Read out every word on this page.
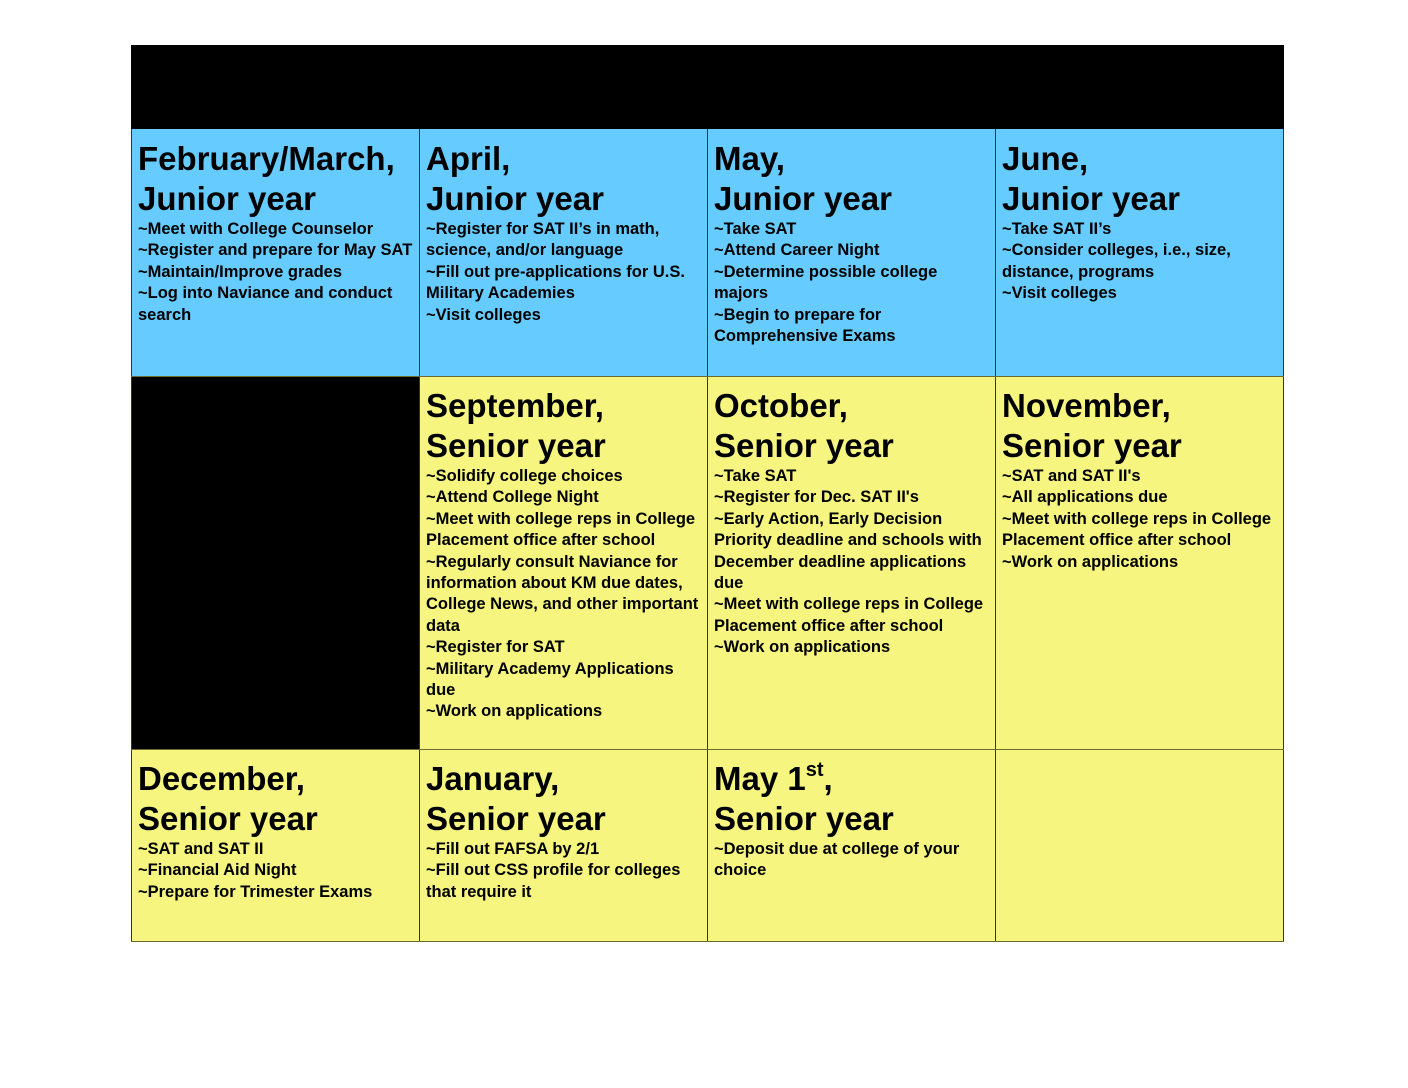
February/March,
Junior year
~Meet with College Counselor
~Register and prepare for May SAT
~Maintain/Improve grades
~Log into Naviance and conduct search
April,
Junior year
~Register for SAT II’s in math, science, and/or language
~Fill out pre-applications for U.S. Military Academies
~Visit colleges
May,
Junior year
~Take SAT
~Attend Career Night
~Determine possible college majors
~Begin to prepare for Comprehensive Exams
June,
Junior year
~Take SAT II’s
~Consider colleges, i.e., size, distance, programs
~Visit colleges
September,
Senior year
~Solidify college choices
~Attend College Night
~Meet with college reps in College Placement office after school
~Regularly consult Naviance for information about KM due dates, College News, and other important data
~Register for SAT
~Military Academy Applications due
~Work on applications
October,
Senior year
~Take SAT
~Register for Dec. SAT II's
~Early Action, Early Decision Priority deadline and schools with December deadline applications due
~Meet with college reps in College Placement office after school
~Work on applications
November,
Senior year
~SAT and SAT II's
~All applications due
~Meet with college reps in College Placement office after school
~Work on applications
December,
Senior year
~SAT and SAT II
~Financial Aid Night
~Prepare for Trimester Exams
January,
Senior year
~Fill out FAFSA by 2/1
~Fill out CSS profile for colleges that require it
May 1st,
Senior year
~Deposit due at college of your choice
